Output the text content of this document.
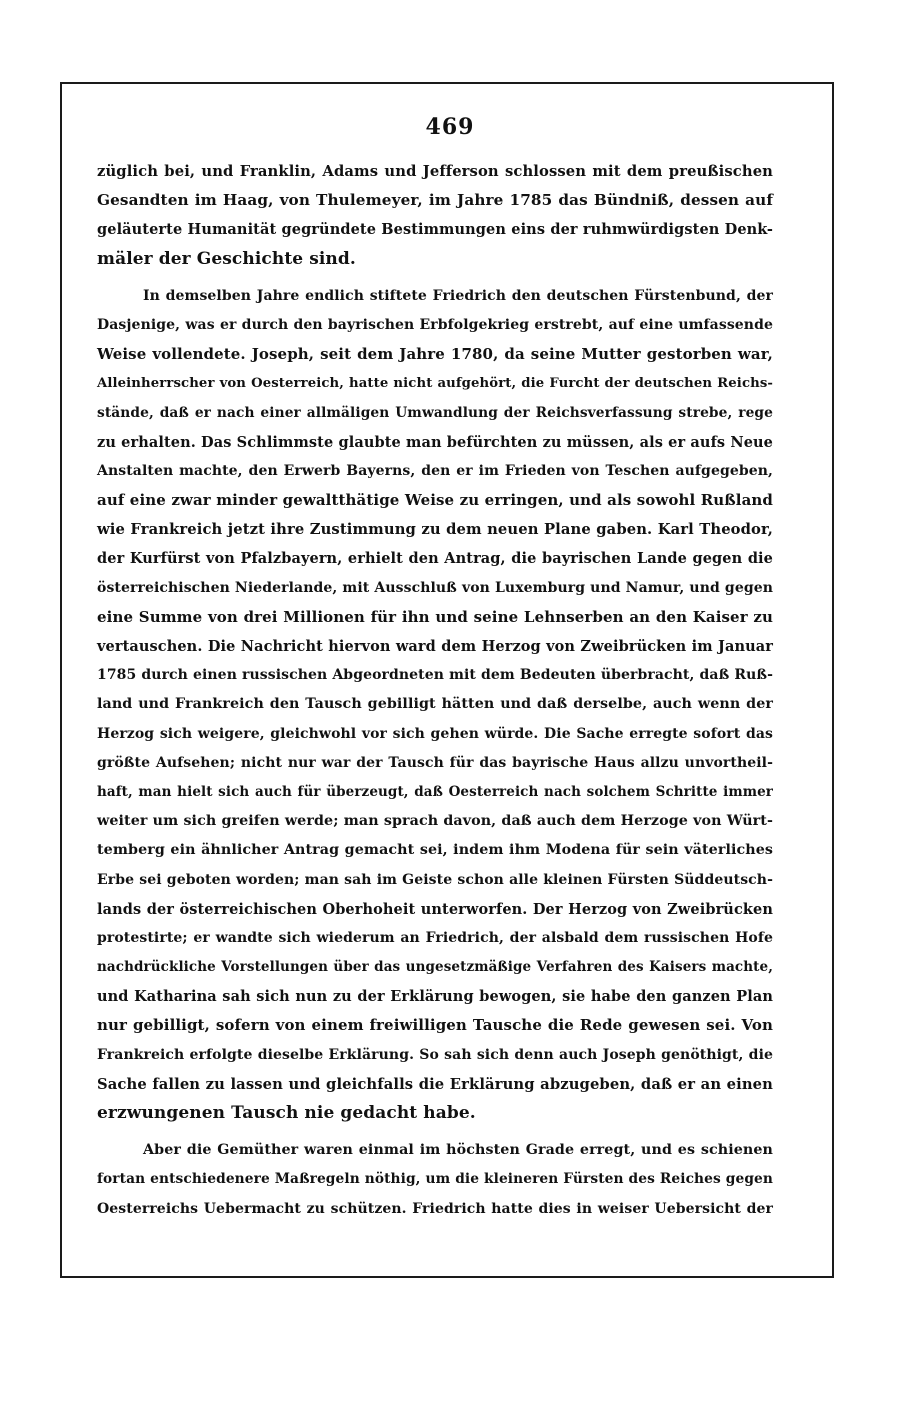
469
züglich bei, und Franklin, Adams und Jefferson schlossen mit dem preußischen
Gesandten im Haag, von Thulemeyer, im Jahre 1785 das Bündniß, dessen auf
geläuterte Humanität gegründete Bestimmungen eins der ruhmwürdigsten Denk-
mäler der Geschichte sind.
In demselben Jahre endlich stiftete Friedrich den deutschen Fürstenbund, der
Dasjenige, was er durch den bayrischen Erbfolgekrieg erstrebt, auf eine umfassende
Weise vollendete. Joseph, seit dem Jahre 1780, da seine Mutter gestorben war,
Alleinherrscher von Oesterreich, hatte nicht aufgehört, die Furcht der deutschen Reichs-
stände, daß er nach einer allmäligen Umwandlung der Reichsverfassung strebe, rege
zu erhalten. Das Schlimmste glaubte man befürchten zu müssen, als er aufs Neue
Anstalten machte, den Erwerb Bayerns, den er im Frieden von Teschen aufgegeben,
auf eine zwar minder gewaltthätige Weise zu erringen, und als sowohl Rußland
wie Frankreich jetzt ihre Zustimmung zu dem neuen Plane gaben. Karl Theodor,
der Kurfürst von Pfalzbayern, erhielt den Antrag, die bayrischen Lande gegen die
österreichischen Niederlande, mit Ausschluß von Luxemburg und Namur, und gegen
eine Summe von drei Millionen für ihn und seine Lehnserben an den Kaiser zu
vertauschen. Die Nachricht hiervon ward dem Herzog von Zweibrücken im Januar
1785 durch einen russischen Abgeordneten mit dem Bedeuten überbracht, daß Ruß-
land und Frankreich den Tausch gebilligt hätten und daß derselbe, auch wenn der
Herzog sich weigere, gleichwohl vor sich gehen würde. Die Sache erregte sofort das
größte Aufsehen; nicht nur war der Tausch für das bayrische Haus allzu unvortheil-
haft, man hielt sich auch für überzeugt, daß Oesterreich nach solchem Schritte immer
weiter um sich greifen werde; man sprach davon, daß auch dem Herzoge von Würt-
temberg ein ähnlicher Antrag gemacht sei, indem ihm Modena für sein väterliches
Erbe sei geboten worden; man sah im Geiste schon alle kleinen Fürsten Süddeutsch-
lands der österreichischen Oberhoheit unterworfen. Der Herzog von Zweibrücken
protestirte; er wandte sich wiederum an Friedrich, der alsbald dem russischen Hofe
nachdrückliche Vorstellungen über das ungesetzmäßige Verfahren des Kaisers machte,
und Katharina sah sich nun zu der Erklärung bewogen, sie habe den ganzen Plan
nur gebilligt, sofern von einem freiwilligen Tausche die Rede gewesen sei. Von
Frankreich erfolgte dieselbe Erklärung. So sah sich denn auch Joseph genöthigt, die
Sache fallen zu lassen und gleichfalls die Erklärung abzugeben, daß er an einen
erzwungenen Tausch nie gedacht habe.
Aber die Gemüther waren einmal im höchsten Grade erregt, und es schienen
fortan entschiedenere Maßregeln nöthig, um die kleineren Fürsten des Reiches gegen
Oesterreichs Uebermacht zu schützen. Friedrich hatte dies in weiser Uebersicht der
